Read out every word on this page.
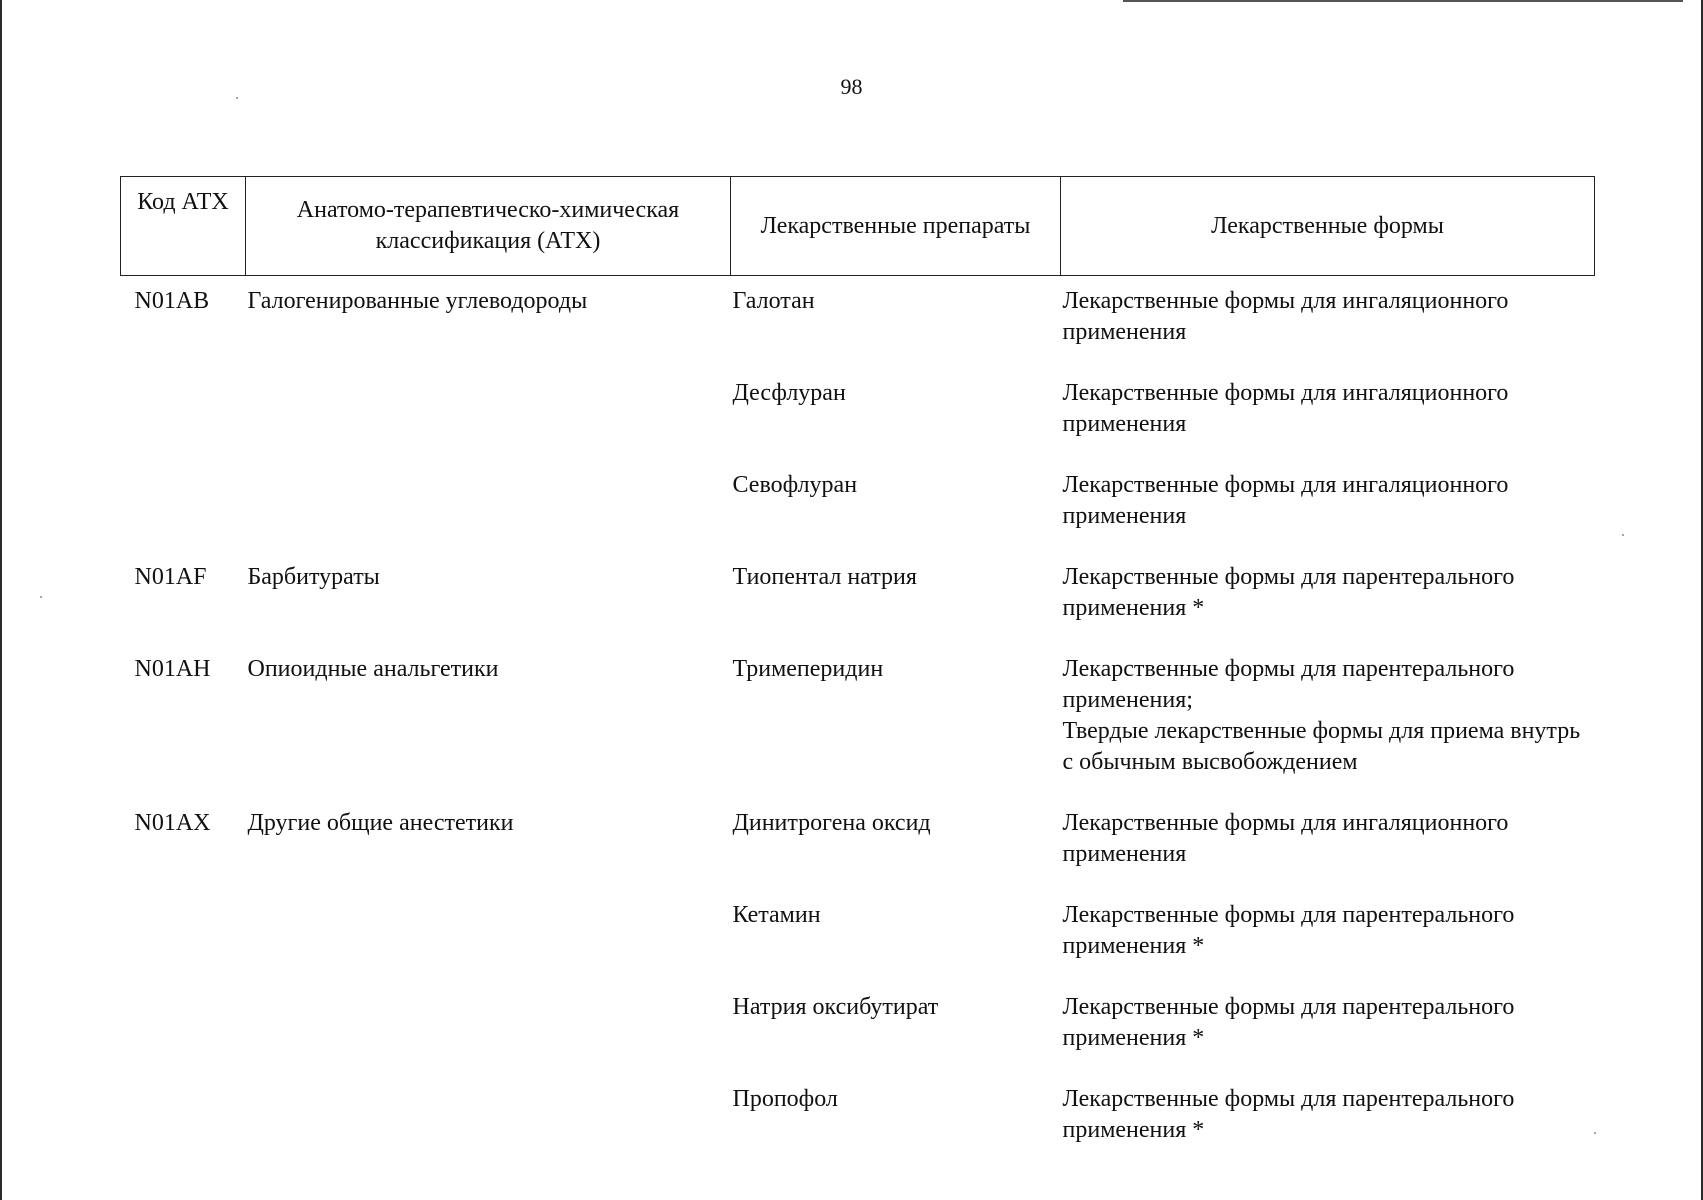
98
Код АТХ	Анатомо-терапевтическо-химическая классификация (АТХ)	Лекарственные препараты	Лекарственные формы
N01AB	Галогенированные углеводороды	Галотан	Лекарственные формы для ингаляционного применения

		Десфлуран	Лекарственные формы для ингаляционного применения

		Севофлуран	Лекарственные формы для ингаляционного применения

N01AF	Барбитураты	Тиопентал натрия	Лекарственные формы для парентерального применения *

N01AH	Опиоидные анальгетики	Тримеперидин	Лекарственные формы для парентерального применения;
Твердые лекарственные формы для приема внутрь с обычным высвобождением

N01AX	Другие общие анестетики	Динитрогена оксид	Лекарственные формы для ингаляционного применения

		Кетамин	Лекарственные формы для парентерального применения *

		Натрия оксибутират	Лекарственные формы для парентерального применения *

		Пропофол	Лекарственные формы для парентерального применения *
